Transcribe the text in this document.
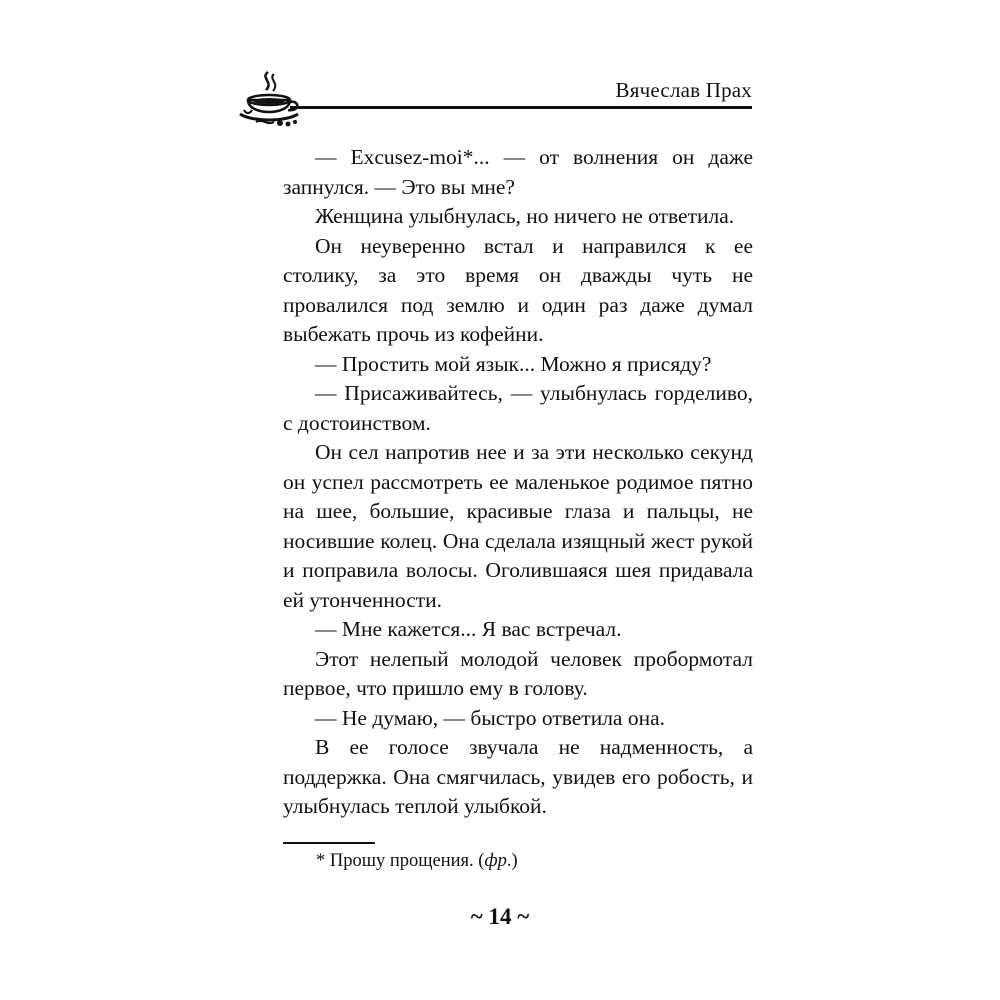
Вячеслав Прах

— Excusez-moi*... — от волнения он даже запнулся. — Это вы мне?

Женщина улыбнулась, но ничего не ответила.

Он неуверенно встал и направился к ее столику, за это время он дважды чуть не провалился под землю и один раз даже думал выбежать прочь из кофейни.

— Простить мой язык... Можно я присяду?

— Присаживайтесь, — улыбнулась горделиво, с достоинством.

Он сел напротив нее и за эти несколько секунд он успел рассмотреть ее маленькое родимое пятно на шее, большие, красивые глаза и пальцы, не носившие колец. Она сделала изящный жест рукой и поправила волосы. Оголившаяся шея придавала ей утонченности.

— Мне кажется... Я вас встречал.

Этот нелепый молодой человек пробормотал первое, что пришло ему в голову.

— Не думаю, — быстро ответила она.

В ее голосе звучала не надменность, а поддержка. Она смягчилась, увидев его робость, и улыбнулась теплой улыбкой.

* Прошу прощения. (фр.)
~ 14 ~
